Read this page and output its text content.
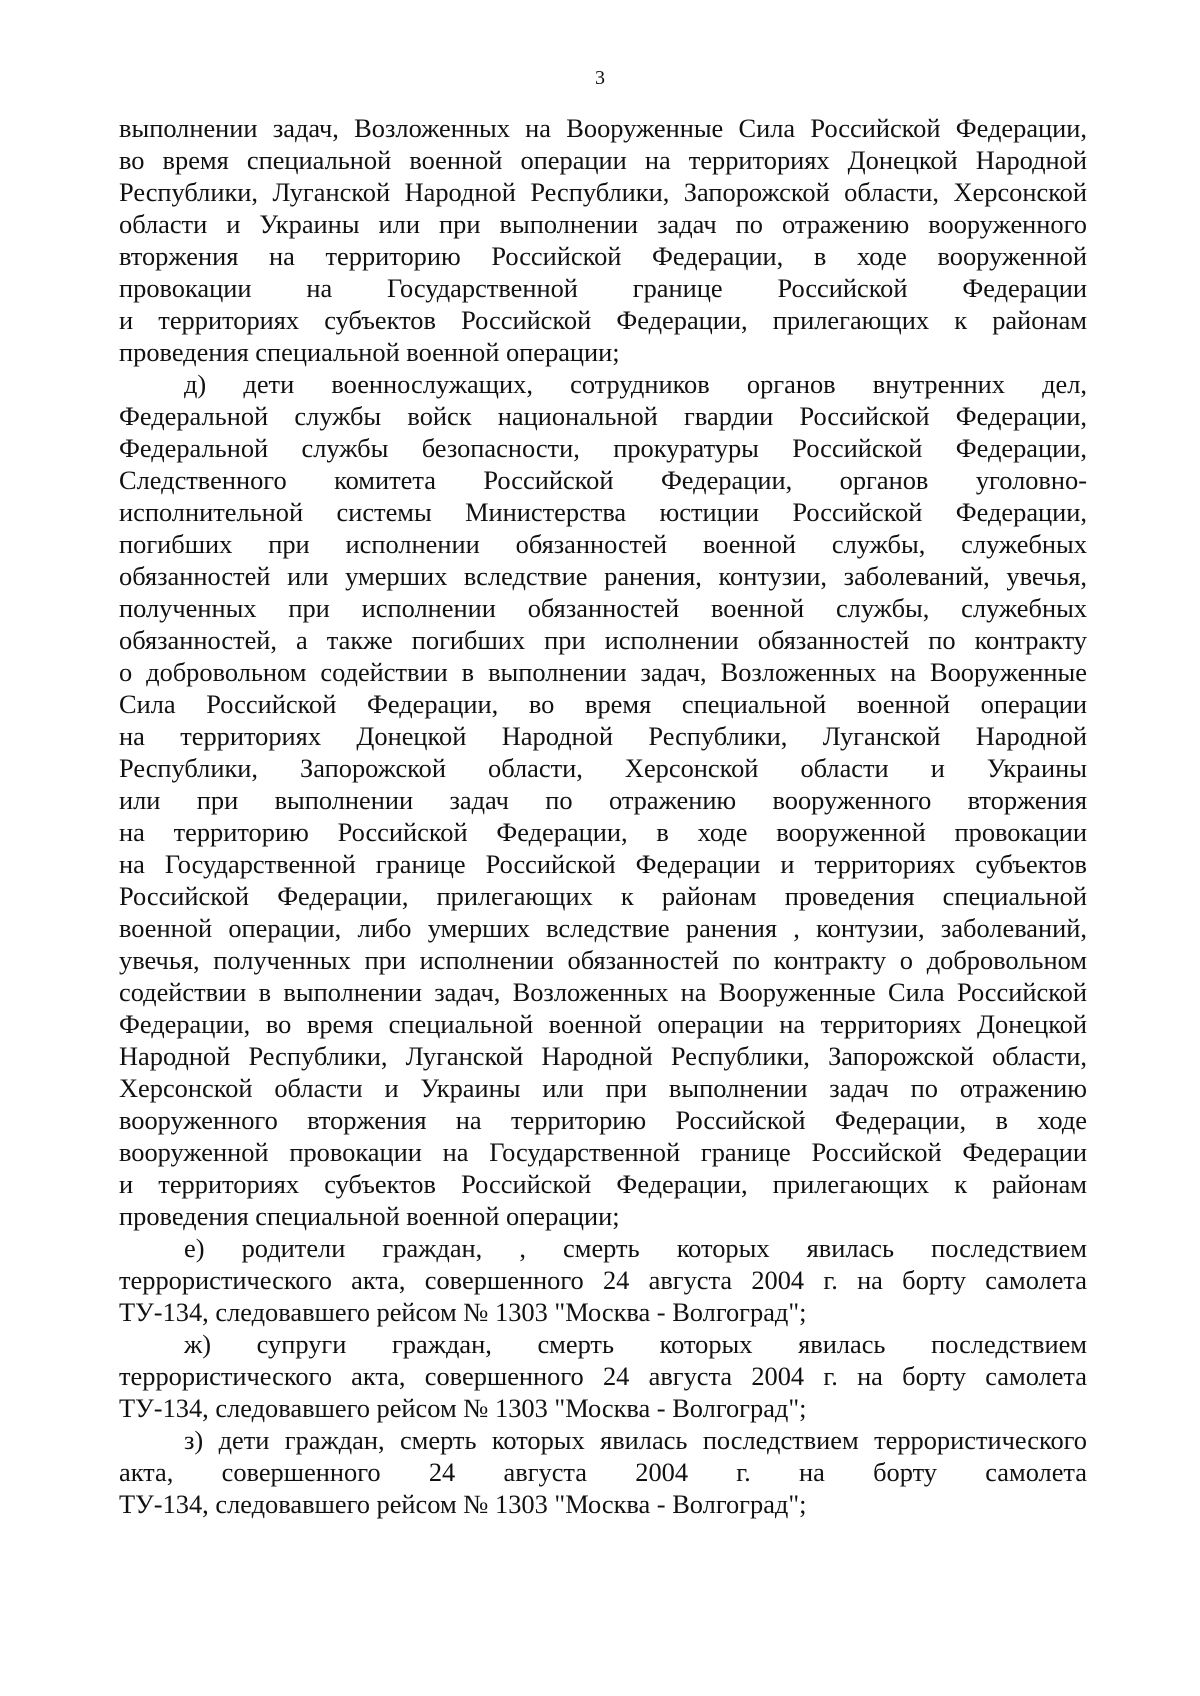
3
выполнении задач, Возложенных на Вооруженные Сила Российской Федерации,
во время специальной военной операции на территориях Донецкой Народной
Республики, Луганской Народной Республики, Запорожской области, Херсонской
области и Украины или при выполнении задач по отражению вооруженного
вторжения на территорию Российской Федерации, в ходе вооруженной
провокации на Государственной границе Российской Федерации
и территориях субъектов Российской Федерации, прилегающих к районам
проведения специальной военной операции;
д) дети военнослужащих, сотрудников органов внутренних дел,
Федеральной службы войск национальной гвардии Российской Федерации,
Федеральной службы безопасности, прокуратуры Российской Федерации,
Следственного комитета Российской Федерации, органов уголовно-
исполнительной системы Министерства юстиции Российской Федерации,
погибших при исполнении обязанностей военной службы, служебных
обязанностей или умерших вследствие ранения, контузии, заболеваний, увечья,
полученных при исполнении обязанностей военной службы, служебных
обязанностей, а также погибших при исполнении обязанностей по контракту
о добровольном содействии в выполнении задач, Возложенных на Вооруженные
Сила Российской Федерации, во время специальной военной операции
на территориях Донецкой Народной Республики, Луганской Народной
Республики, Запорожской области, Херсонской области и Украины
или при выполнении задач по отражению вооруженного вторжения
на территорию Российской Федерации, в ходе вооруженной провокации
на Государственной границе Российской Федерации и территориях субъектов
Российской Федерации, прилегающих к районам проведения специальной
военной операции, либо умерших вследствие ранения , контузии, заболеваний,
увечья, полученных при исполнении обязанностей по контракту о добровольном
содействии в выполнении задач, Возложенных на Вооруженные Сила Российской
Федерации, во время специальной военной операции на территориях Донецкой
Народной Республики, Луганской Народной Республики, Запорожской области,
Херсонской области и Украины или при выполнении задач по отражению
вооруженного вторжения на территорию Российской Федерации, в ходе
вооруженной провокации на Государственной границе Российской Федерации
и территориях субъектов Российской Федерации, прилегающих к районам
проведения специальной военной операции;
е) родители граждан, , смерть которых явилась последствием
террористического акта, совершенного 24 августа 2004 г. на борту самолета
ТУ-134, следовавшего рейсом № 1303 "Москва - Волгоград";
ж) супруги граждан, смерть которых явилась последствием
террористического акта, совершенного 24 августа 2004 г. на борту самолета
ТУ-134, следовавшего рейсом № 1303 "Москва - Волгоград";
з) дети граждан, смерть которых явилась последствием террористического
акта, совершенного 24 августа 2004 г. на борту самолета
ТУ-134, следовавшего рейсом № 1303 "Москва - Волгоград";
